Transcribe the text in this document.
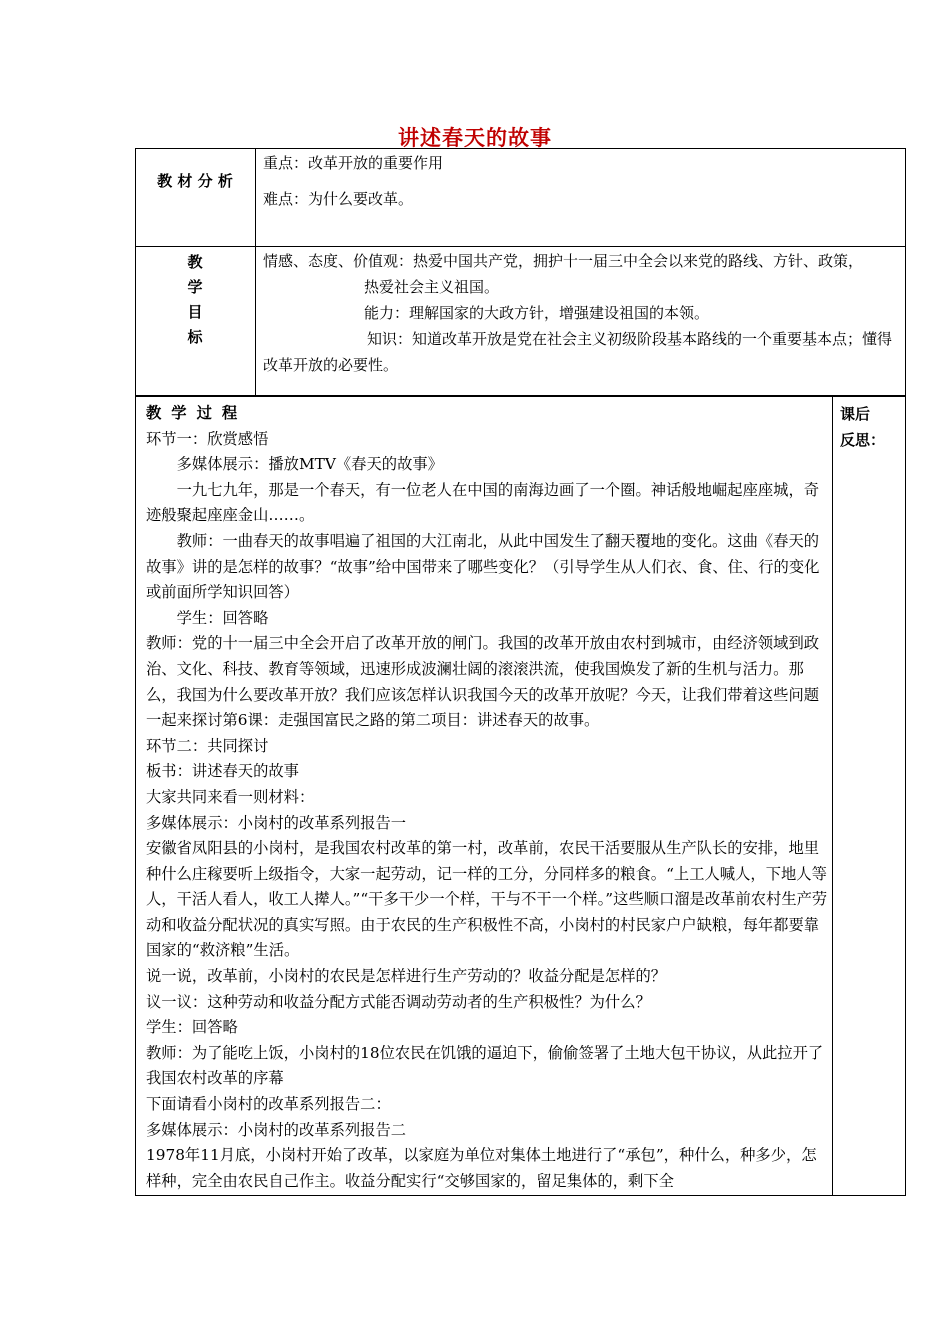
讲述春天的故事
教 材 分 析

重点：改革开放的重要作用

难点：为什么要改革。

教
学
目
标

情感、态度、价值观：热爱中国共产党，拥护十一届三中全会以来党的路线、方针、政策，

热爱社会主义祖国。

能力：理解国家的大政方针，增强建设祖国的本领。

知识：知道改革开放是党在社会主义初级阶段基本路线的一个重要基本点；懂得改革开放的必要性。

教学过程

环节一：欣赏感悟

多媒体展示：播放MTV《春天的故事》

一九七九年，那是一个春天，有一位老人在中国的南海边画了一个圈。神话般地崛起座座城，奇迹般聚起座座金山……。

教师：一曲春天的故事唱遍了祖国的大江南北，从此中国发生了翻天覆地的变化。这曲《春天的故事》讲的是怎样的故事？“故事”给中国带来了哪些变化？（引导学生从人们衣、食、住、行的变化或前面所学知识回答）

学生：回答略

教师：党的十一届三中全会开启了改革开放的闸门。我国的改革开放由农村到城市，由经济领域到政治、文化、科技、教育等领域，迅速形成波澜壮阔的滚滚洪流，使我国焕发了新的生机与活力。那么，我国为什么要改革开放？我们应该怎样认识我国今天的改革开放呢？今天，让我们带着这些问题一起来探讨第6课：走强国富民之路的第二项目：讲述春天的故事。

环节二：共同探讨

板书：讲述春天的故事

大家共同来看一则材料：

多媒体展示：小岗村的改革系列报告一

安徽省凤阳县的小岗村，是我国农村改革的第一村，改革前，农民干活要服从生产队长的安排，地里种什么庄稼要听上级指令，大家一起劳动，记一样的工分，分同样多的粮食。“上工人喊人，下地人等人，干活人看人，收工人撵人。”“干多干少一个样，干与不干一个样。”这些顺口溜是改革前农村生产劳动和收益分配状况的真实写照。由于农民的生产积极性不高，小岗村的村民家户户缺粮，每年都要靠国家的“救济粮”生活。

说一说，改革前，小岗村的农民是怎样进行生产劳动的？收益分配是怎样的？

议一议：这种劳动和收益分配方式能否调动劳动者的生产积极性？为什么？

学生：回答略

教师：为了能吃上饭，小岗村的18位农民在饥饿的逼迫下，偷偷签署了土地大包干协议，从此拉开了我国农村改革的序幕

下面请看小岗村的改革系列报告二：

多媒体展示：小岗村的改革系列报告二

1978年11月底，小岗村开始了改革，以家庭为单位对集体土地进行了“承包”，种什么，种多少，怎样种，完全由农民自己作主。收益分配实行“交够国家的，留足集体的，剩下全

课后
反思：
